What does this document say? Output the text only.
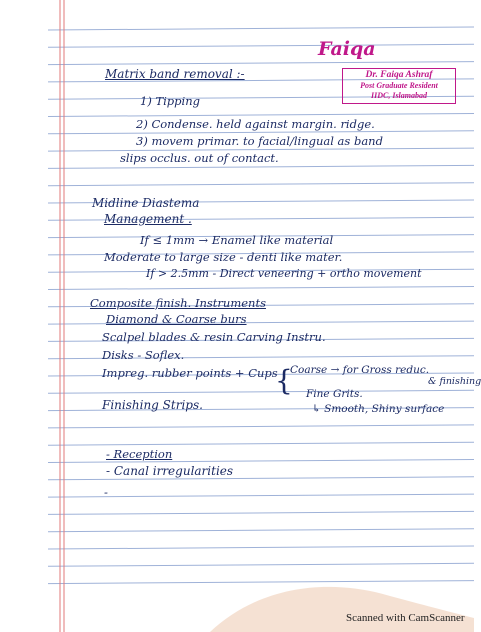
Faiqa
Dr. Faiqa Ashraf
Post Graduate Resident
IIDC, Islamabad
Matrix band removal :-
1) Tipping
2) Condense. held against margin. ridge.
3) movem primar. to facial/lingual as band
slips occlus. out of contact.
Midline Diastema
Management .
If ≤ 1mm → Enamel like material
Moderate to large size - denti like mater.
If > 2.5mm - Direct veneering + ortho movement
Composite finish. Instruments
Diamond & Coarse burs
Scalpel blades & resin Carving Instru.
Disks - Soflex.
Impreg. rubber points + Cups
{
Coarse → for Gross reduc.
& finishing
Fine Grits.
↳ Smooth, Shiny surface
Finishing Strips.
- Reception
- Canal irregularities
-
Scanned with CamScanner
